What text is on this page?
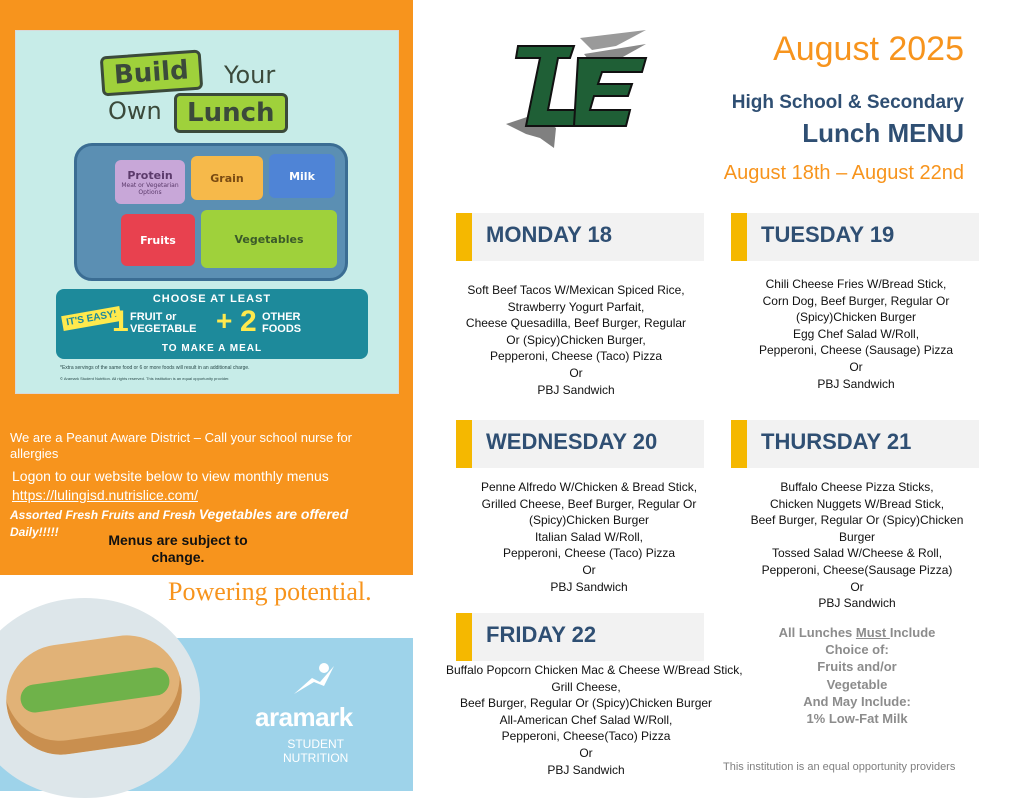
Build	Your
Own Lunch
Protein
Meat or Vegetarian Options
Grain	Milk
Fruits	Vegetables
CHOOSE AT LEAST
IT'S EASY!
1 FRUIT or VEGETABLE + 2 OTHER FOODS
TO MAKE A MEAL
*Extra servings of the same food or 6 or more foods will result in an additional charge.
© Aramark Student Nutrition. All rights reserved. This institution is an equal opportunity provider.
We are a Peanut Aware District – Call your school nurse for allergies
Logon to our website below to view monthly menus
https://lulingisd.nutrislice.com/
Assorted Fresh Fruits and Fresh Vegetables are offered
Daily!!!!!	Menus are subject to
change.
Powering potential.
aramark
STUDENT
NUTRITION
August 2025
High School & Secondary
Lunch MENU
August 18th – August 22nd
MONDAY 18
Soft Beef Tacos W/Mexican Spiced Rice,
Strawberry Yogurt Parfait,
Cheese Quesadilla, Beef Burger, Regular
Or (Spicy)Chicken Burger,
Pepperoni, Cheese (Taco) Pizza
Or
PBJ Sandwich
TUESDAY 19
Chili Cheese Fries W/Bread Stick,
Corn Dog, Beef Burger, Regular Or
(Spicy)Chicken Burger
Egg Chef Salad W/Roll,
Pepperoni, Cheese (Sausage) Pizza
Or
PBJ Sandwich
WEDNESDAY 20
Penne Alfredo W/Chicken & Bread Stick,
Grilled Cheese, Beef Burger, Regular Or
(Spicy)Chicken Burger
Italian Salad W/Roll,
Pepperoni, Cheese (Taco) Pizza
Or
PBJ Sandwich
THURSDAY 21
Buffalo Cheese Pizza Sticks,
Chicken Nuggets W/Bread Stick,
Beef Burger, Regular Or (Spicy)Chicken
Burger
Tossed Salad W/Cheese & Roll,
Pepperoni, Cheese(Sausage Pizza)
Or
PBJ Sandwich
FRIDAY 22
Buffalo Popcorn Chicken Mac & Cheese W/Bread Stick,
Grill Cheese,
Beef Burger, Regular Or (Spicy)Chicken Burger
All-American Chef Salad W/Roll,
Pepperoni, Cheese(Taco) Pizza
Or
PBJ Sandwich
All Lunches Must Include
Choice of:
Fruits and/or
Vegetable
And May Include:
1% Low-Fat Milk
This institution is an equal opportunity providers
